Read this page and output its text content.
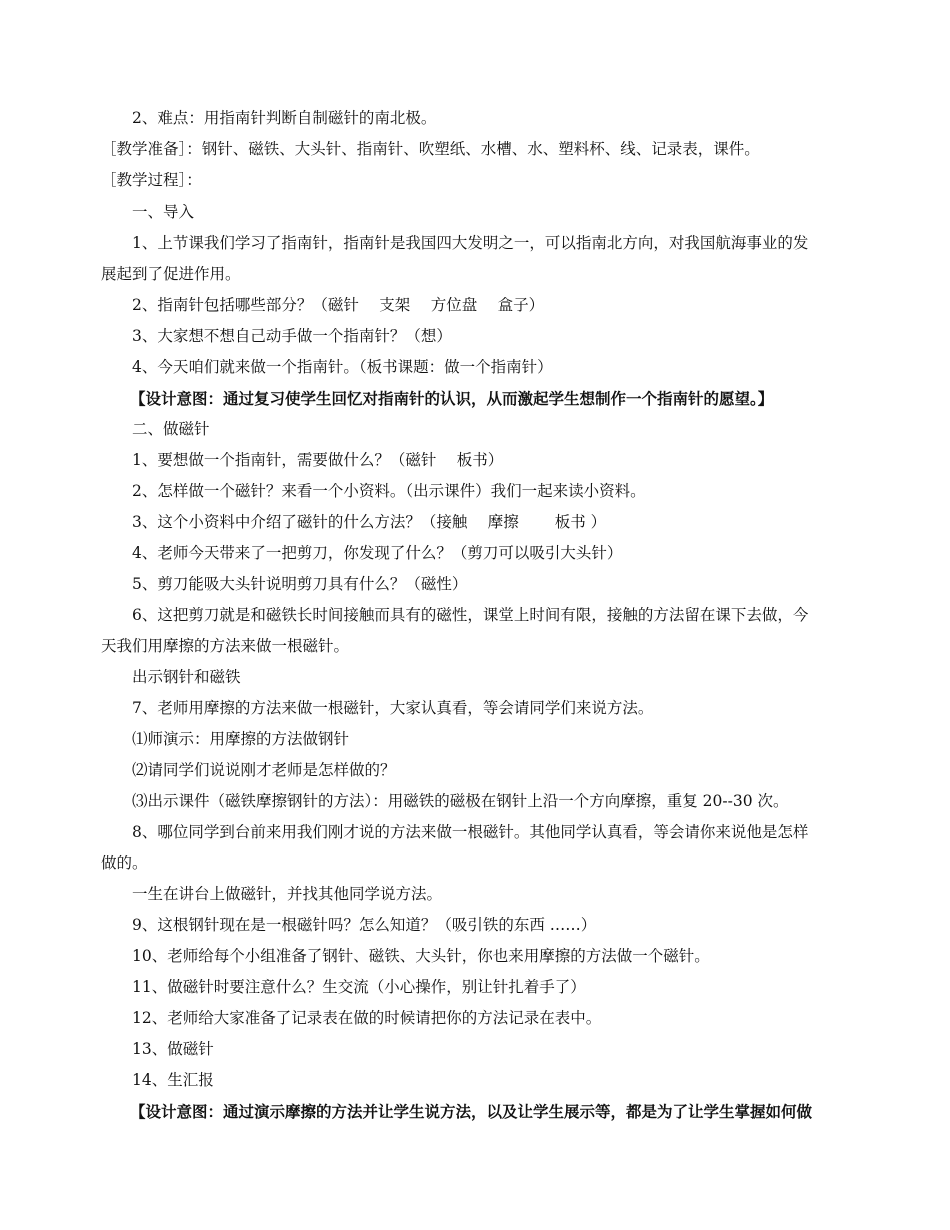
2、难点：用指南针判断自制磁针的南北极。
［教学准备］：钢针、磁铁、大头针、指南针、吹塑纸、水槽、水、塑料杯、线、记录表，课件。
［教学过程］：
一、导入
1、上节课我们学习了指南针，指南针是我国四大发明之一，可以指南北方向，对我国航海事业的发
展起到了促进作用。
2、指南针包括哪些部分？（磁针　 支架　 方位盘　 盒子）
3、大家想不想自己动手做一个指南针？（想）
4、今天咱们就来做一个指南针。（板书课题：做一个指南针）
【设计意图：通过复习使学生回忆对指南针的认识，从而激起学生想制作一个指南针的愿望。】
二、做磁针
1、要想做一个指南针，需要做什么？（磁针　 板书）
2、怎样做一个磁针？来看一个小资料。（出示课件）我们一起来读小资料。
3、这个小资料中介绍了磁针的什么方法？（接触　 摩擦　　 板书 ）
4、老师今天带来了一把剪刀，你发现了什么？（剪刀可以吸引大头针）
5、剪刀能吸大头针说明剪刀具有什么？（磁性）
6、这把剪刀就是和磁铁长时间接触而具有的磁性，课堂上时间有限，接触的方法留在课下去做，今
天我们用摩擦的方法来做一根磁针。
出示钢针和磁铁
7、老师用摩擦的方法来做一根磁针，大家认真看，等会请同学们来说方法。
⑴师演示：用摩擦的方法做钢针
⑵请同学们说说刚才老师是怎样做的？
⑶出示课件（磁铁摩擦钢针的方法）：用磁铁的磁极在钢针上沿一个方向摩擦，重复 20--30 次。
8、哪位同学到台前来用我们刚才说的方法来做一根磁针。其他同学认真看，等会请你来说他是怎样
做的。
一生在讲台上做磁针，并找其他同学说方法。
9、这根钢针现在是一根磁针吗？怎么知道？（吸引铁的东西 ……）
10、老师给每个小组准备了钢针、磁铁、大头针，你也来用摩擦的方法做一个磁针。
11、做磁针时要注意什么？生交流（小心操作，别让针扎着手了）
12、老师给大家准备了记录表在做的时候请把你的方法记录在表中。
13、做磁针
14、生汇报
【设计意图：通过演示摩擦的方法并让学生说方法，以及让学生展示等，都是为了让学生掌握如何做
